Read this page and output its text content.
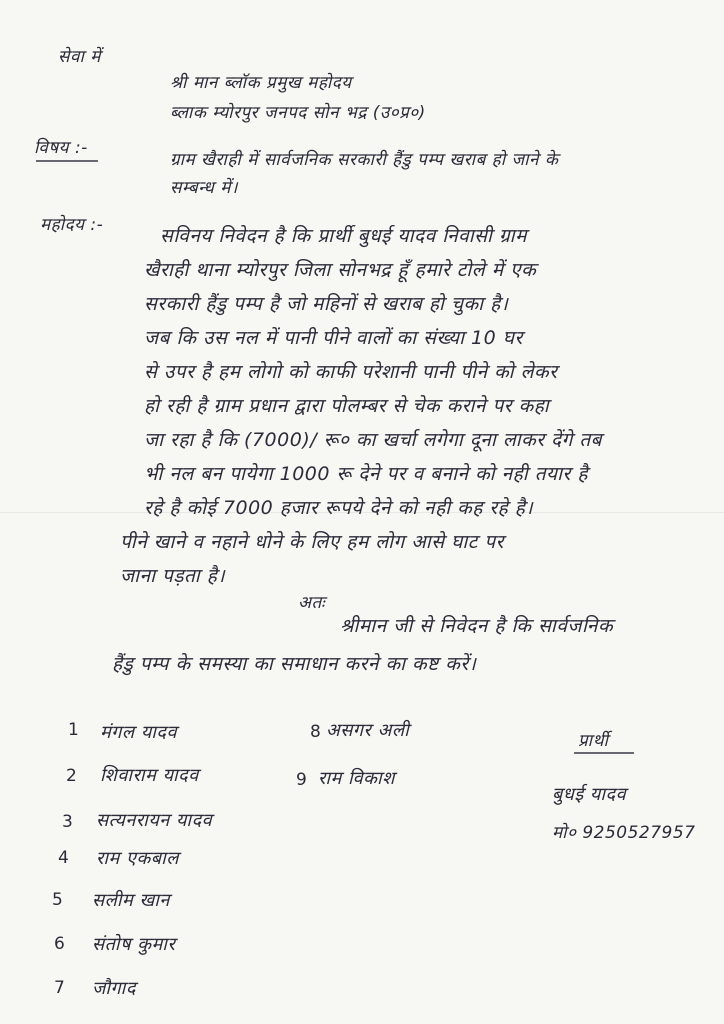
सेवा में
श्री मान ब्लॉक प्रमुख महोदय
ब्लाक म्योरपुर जनपद सोन भद्र (उ०प्र०)
विषय :-
ग्राम खैराही में सार्वजनिक सरकारी हैंडु पम्प खराब हो जाने के
सम्बन्ध में।
महोदय :-	सविनय निवेदन है कि प्रार्थी बुधई यादव निवासी ग्राम
खैराही थाना म्योरपुर जिला सोनभद्र हूँ हमारे टोले में एक
सरकारी हैंडु पम्प है जो महिनों से खराब हो चुका है।
जब कि उस नल में पानी पीने वालों का संख्या 10 घर
से उपर है हम लोगो को काफी परेशानी पानी पीने को लेकर
हो रही है ग्राम प्रधान द्वारा पोलम्बर से चेक कराने पर कहा
जा रहा है कि (7000)/ रू० का खर्चा लगेगा दूना लाकर देंगे तब
भी नल बन पायेगा 1000 रू देने पर व बनाने को नही तयार है
रहे है कोई 7000 हजार रूपये देने को नही कह रहे है।
पीने खाने व नहाने धोने के लिए हम लोग आसे घाट पर
जाना पड़ता है।
अतः
श्रीमान जी से निवेदन है कि सार्वजनिक
हैंडु पम्प के समस्या का समाधान करने का कष्ट करें।
1 मंगल यादव
2 शिवाराम यादव
3 सत्यनरायन यादव
4 राम एकबाल
5 सलीम खान
6 संतोष कुमार
7 जौगाद
8 असगर अली
9 राम विकाश
प्रार्थी
बुधई यादव
मो० 9250527957
